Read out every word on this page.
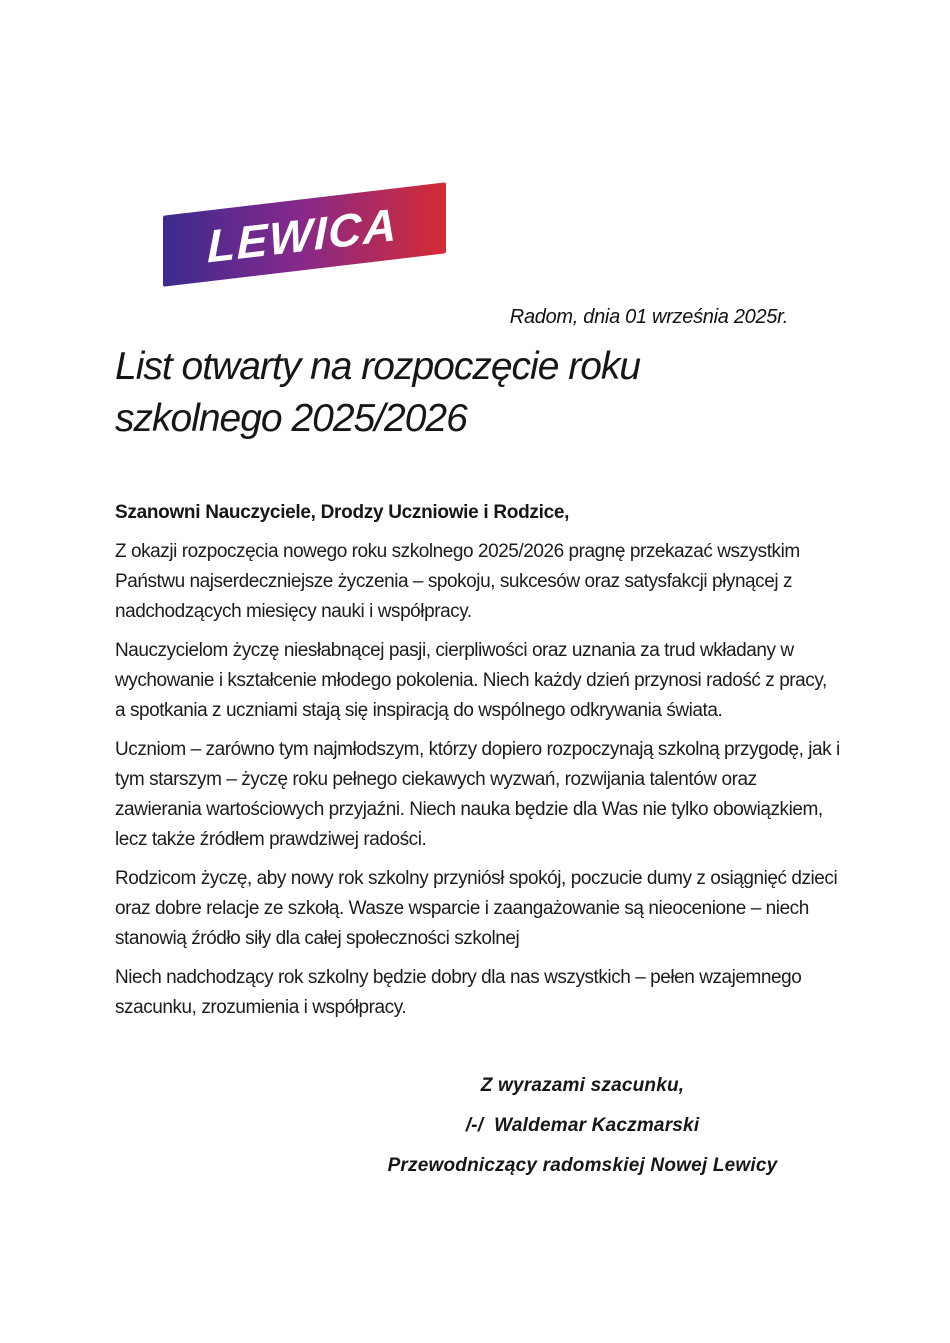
LEWICA
Radom, dnia 01 września 2025r.
List otwarty na rozpoczęcie roku szkolnego 2025/2026

Szanowni Nauczyciele, Drodzy Uczniowie i Rodzice,

Z okazji rozpoczęcia nowego roku szkolnego 2025/2026 pragnę przekazać wszystkim Państwu najserdeczniejsze życzenia – spokoju, sukcesów oraz satysfakcji płynącej z nadchodzących miesięcy nauki i współpracy.

Nauczycielom życzę niesłabnącej pasji, cierpliwości oraz uznania za trud wkładany w wychowanie i kształcenie młodego pokolenia. Niech każdy dzień przynosi radość z pracy, a spotkania z uczniami stają się inspiracją do wspólnego odkrywania świata.

Uczniom – zarówno tym najmłodszym, którzy dopiero rozpoczynają szkolną przygodę, jak i tym starszym – życzę roku pełnego ciekawych wyzwań, rozwijania talentów oraz zawierania wartościowych przyjaźni. Niech nauka będzie dla Was nie tylko obowiązkiem, lecz także źródłem prawdziwej radości.

Rodzicom życzę, aby nowy rok szkolny przyniósł spokój, poczucie dumy z osiągnięć dzieci oraz dobre relacje ze szkołą. Wasze wsparcie i zaangażowanie są nieocenione – niech stanowią źródło siły dla całej społeczności szkolnej

Niech nadchodzący rok szkolny będzie dobry dla nas wszystkich – pełen wzajemnego szacunku, zrozumienia i współpracy.

Z wyrazami szacunku,

/-/  Waldemar Kaczmarski

Przewodniczący radomskiej Nowej Lewicy
